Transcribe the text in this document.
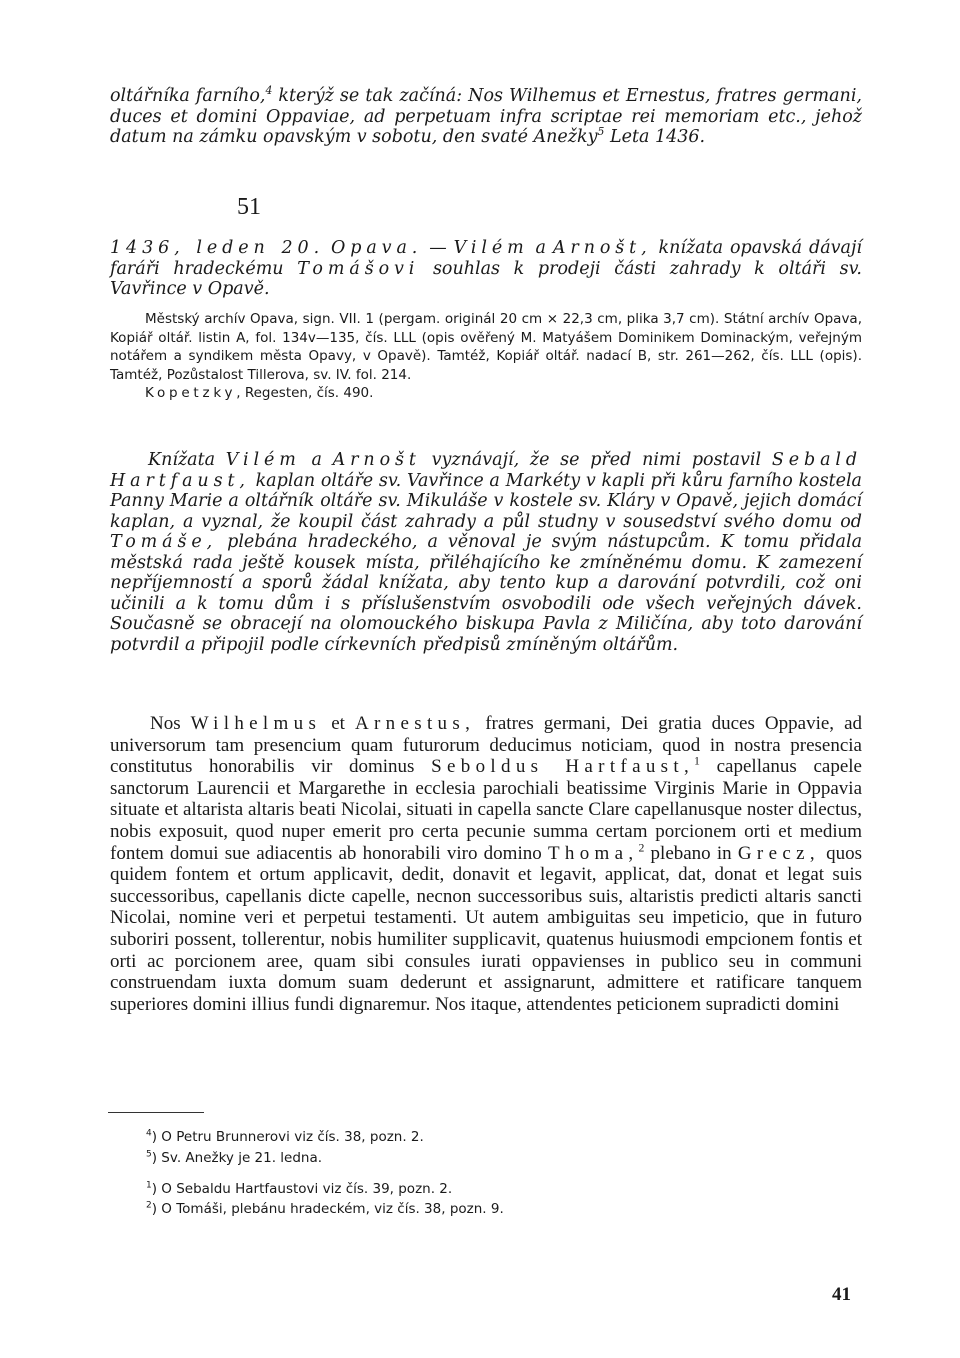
oltářníka farního,$^4$ kterýž se tak začíná: Nos Wilhemus et Ernestus, fratres germani, duces et domini Oppaviae, ad perpetuam infra scriptae rei memoriam etc., jehož datum na zámku opavským v sobotu, den svaté Anežky$^5$ Leta 1436.

51

1436, leden 20. Opava. — Vilém a Arnošt, knížata opavská dávají faráři hradeckému Tomášovi souhlas k prodeji části zahrady k oltáři sv. Vavřince v Opavě.

Městský archív Opava, sign. VII. 1 (pergam. originál 20 cm × 22,3 cm, plika 3,7 cm). Státní archív Opava, Kopiář oltář. listin A, fol. 134v—135, čís. LLL (opis ověřený M. Matyášem Dominikem Dominackým, veřejným notářem a syndikem města Opavy, v Opavě). Tamtéž, Kopiář oltář. nadací B, str. 261—262, čís. LLL (opis). Tamtéž, Pozůstalost Tillerova, sv. IV. fol. 214.
Kopetzky, Regesten, čís. 490.

Knížata Vilém a Arnošt vyznávají, že se před nimi postavil Sebald Hartfaust, kaplan oltáře sv. Vavřince a Markéty v kapli při kůru farního kostela Panny Marie a oltářník oltáře sv. Mikuláše v kostele sv. Kláry v Opavě, jejich domácí kaplan, a vyznal, že koupil část zahrady a půl studny v sousedství svého domu od Tomáše, plebána hradeckého, a věnoval je svým nástupcům. K tomu přidala městská rada ještě kousek místa, přiléhajícího ke zmíněnému domu. K zamezení nepříjemností a sporů žádal knížata, aby tento kup a darování potvrdili, což oni učinili a k tomu dům i s příslušenstvím osvobodili ode všech veřejných dávek. Současně se obracejí na olomouckého biskupa Pavla z Miličína, aby toto darování potvrdil a připojil podle církevních předpisů zmíněným oltářům.

Nos Wilhelmus et Arnestus, fratres germani, Dei gratia duces Oppavie, ad universorum tam presencium quam futurorum deducimus noticiam, quod in nostra presencia constitutus honorabilis vir dominus Seboldus Hartfaust,$^1$ capellanus capele sanctorum Laurencii et Margarethe in ecclesia parochiali beatissime Virginis Marie in Oppavia situate et altarista altaris beati Nicolai, situati in capella sancte Clare capellanusque noster dilectus, nobis exposuit, quod nuper emerit pro certa pecunie summa certam porcionem orti et medium fontem domui sue adiacentis ab honorabili viro domino Thoma,$^2$ plebano in Grecz, quos quidem fontem et ortum applicavit, dedit, donavit et legavit, applicat, dat, donat et legat suis successoribus, capellanis dicte capelle, necnon successoribus suis, altaristis predicti altaris sancti Nicolai, nomine veri et perpetui testamenti. Ut autem ambiguitas seu impeticio, que in futuro suboriri possent, tollerentur, nobis humiliter supplicavit, quatenus huiusmodi empcionem fontis et orti ac porcionem aree, quam sibi consules iurati oppavienses in publico seu in communi construendam iuxta domum suam dederunt et assignarunt, admittere et ratificare tanquem superiores domini illius fundi dignaremur. Nos itaque, attendentes peticionem supradicti domini

$^4$) O Petru Brunnerovi viz čís. 38, pozn. 2.
$^5$) Sv. Anežky je 21. ledna.
$^1$) O Sebaldu Hartfaustovi viz čís. 39, pozn. 2.
$^2$) O Tomáši, plebánu hradeckém, viz čís. 38, pozn. 9.
41
